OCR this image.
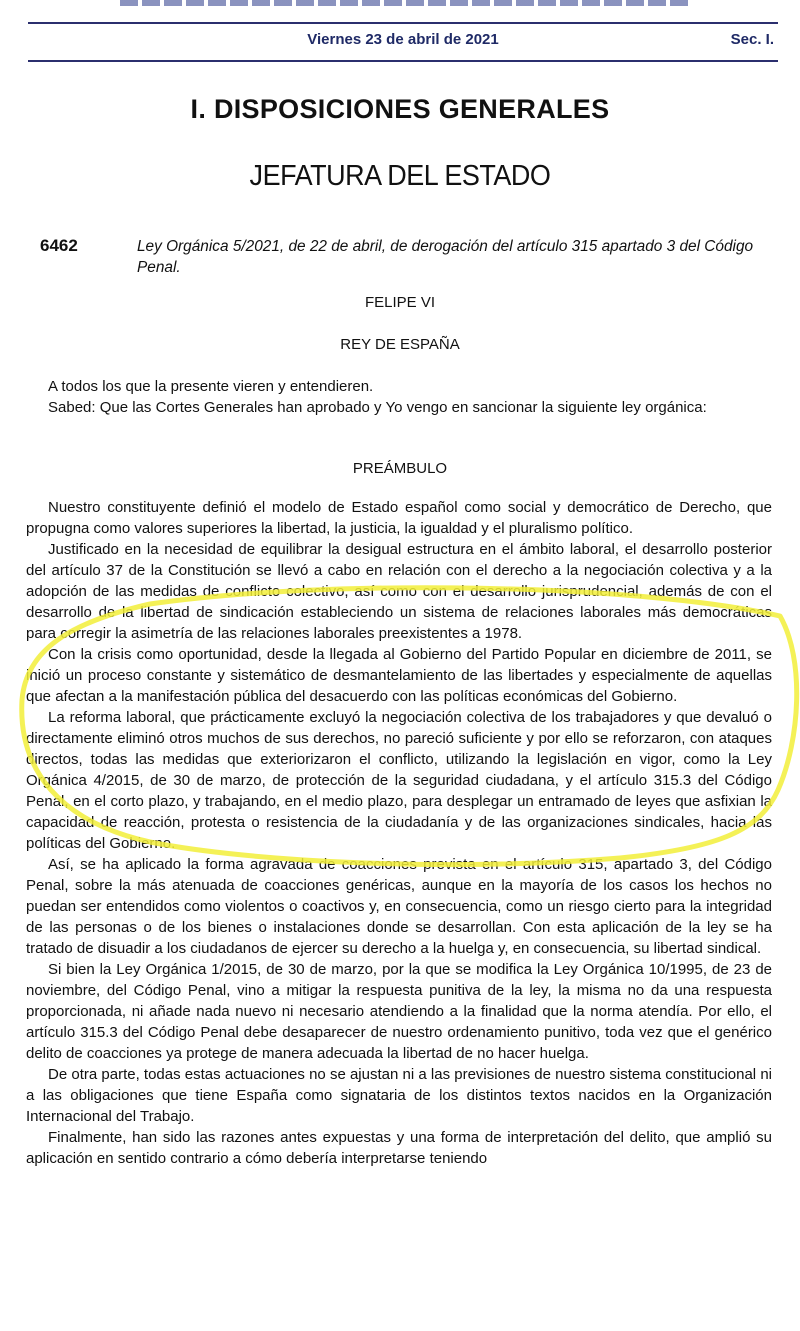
Viernes 23 de abril de 2021	Sec. I.
I. DISPOSICIONES GENERALES
JEFATURA DEL ESTADO
6462	Ley Orgánica 5/2021, de 22 de abril, de derogación del artículo 315 apartado 3 del Código Penal.
FELIPE VI
REY DE ESPAÑA

A todos los que la presente vieren y entendieren.

Sabed: Que las Cortes Generales han aprobado y Yo vengo en sancionar la siguiente ley orgánica:

PREÁMBULO

Nuestro constituyente definió el modelo de Estado español como social y democrático de Derecho, que propugna como valores superiores la libertad, la justicia, la igualdad y el pluralismo político.

Justificado en la necesidad de equilibrar la desigual estructura en el ámbito laboral, el desarrollo posterior del artículo 37 de la Constitución se llevó a cabo en relación con el derecho a la negociación colectiva y a la adopción de las medidas de conflicto colectivo, así como con el desarrollo jurisprudencial, además de con el desarrollo de la libertad de sindicación estableciendo un sistema de relaciones laborales más democráticas para corregir la asimetría de las relaciones laborales preexistentes a 1978.

Con la crisis como oportunidad, desde la llegada al Gobierno del Partido Popular en diciembre de 2011, se inició un proceso constante y sistemático de desmantelamiento de las libertades y especialmente de aquellas que afectan a la manifestación pública del desacuerdo con las políticas económicas del Gobierno.

La reforma laboral, que prácticamente excluyó la negociación colectiva de los trabajadores y que devaluó o directamente eliminó otros muchos de sus derechos, no pareció suficiente y por ello se reforzaron, con ataques directos, todas las medidas que exteriorizaron el conflicto, utilizando la legislación en vigor, como la Ley Orgánica 4/2015, de 30 de marzo, de protección de la seguridad ciudadana, y el artículo 315.3 del Código Penal, en el corto plazo, y trabajando, en el medio plazo, para desplegar un entramado de leyes que asfixian la capacidad de reacción, protesta o resistencia de la ciudadanía y de las organizaciones sindicales, hacia las políticas del Gobierno.

Así, se ha aplicado la forma agravada de coacciones prevista en el artículo 315, apartado 3, del Código Penal, sobre la más atenuada de coacciones genéricas, aunque en la mayoría de los casos los hechos no puedan ser entendidos como violentos o coactivos y, en consecuencia, como un riesgo cierto para la integridad de las personas o de los bienes o instalaciones donde se desarrollan. Con esta aplicación de la ley se ha tratado de disuadir a los ciudadanos de ejercer su derecho a la huelga y, en consecuencia, su libertad sindical.

Si bien la Ley Orgánica 1/2015, de 30 de marzo, por la que se modifica la Ley Orgánica 10/1995, de 23 de noviembre, del Código Penal, vino a mitigar la respuesta punitiva de la ley, la misma no da una respuesta proporcionada, ni añade nada nuevo ni necesario atendiendo a la finalidad que la norma atendía. Por ello, el artículo 315.3 del Código Penal debe desaparecer de nuestro ordenamiento punitivo, toda vez que el genérico delito de coacciones ya protege de manera adecuada la libertad de no hacer huelga.

De otra parte, todas estas actuaciones no se ajustan ni a las previsiones de nuestro sistema constitucional ni a las obligaciones que tiene España como signataria de los distintos textos nacidos en la Organización Internacional del Trabajo.

Finalmente, han sido las razones antes expuestas y una forma de interpretación del delito, que amplió su aplicación en sentido contrario a cómo debería interpretarse teniendo
